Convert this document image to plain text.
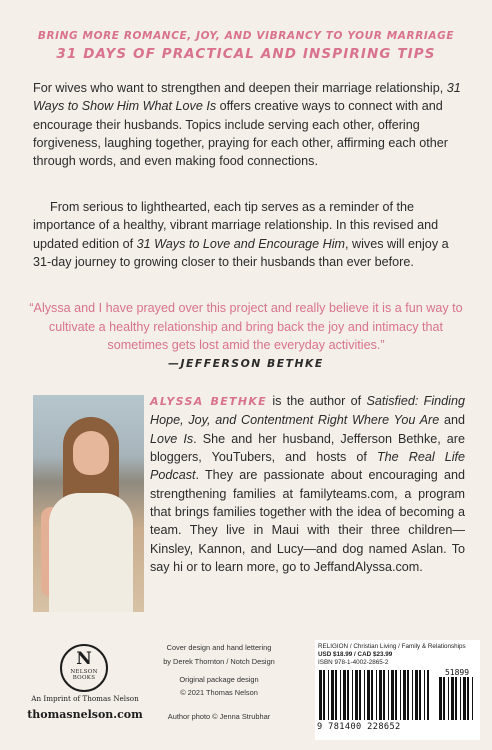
BRING MORE ROMANCE, JOY, AND VIBRANCY TO YOUR MARRIAGE
31 DAYS OF PRACTICAL AND INSPIRING TIPS
For wives who want to strengthen and deepen their marriage relationship, 31 Ways to Show Him What Love Is offers creative ways to connect with and encourage their husbands. Topics include serving each other, offering forgiveness, laughing together, praying for each other, affirming each other through words, and even making food connections.
From serious to lighthearted, each tip serves as a reminder of the importance of a healthy, vibrant marriage relationship. In this revised and updated edition of 31 Ways to Love and Encourage Him, wives will enjoy a 31-day journey to growing closer to their husbands than ever before.
“Alyssa and I have prayed over this project and really believe it is a fun way to cultivate a healthy relationship and bring back the joy and intimacy that sometimes gets lost amid the everyday activities.”
—JEFFERSON BETHKE
ALYSSA BETHKE is the author of Satisfied: Finding Hope, Joy, and Contentment Right Where You Are and Love Is. She and her husband, Jefferson Bethke, are bloggers, YouTubers, and hosts of The Real Life Podcast. They are passionate about encouraging and strengthening families at familyteams.com, a program that brings families together with the idea of becoming a team. They live in Maui with their three children—Kinsley, Kannon, and Lucy—and dog named Aslan. To say hi or to learn more, go to JeffandAlyssa.com.
N
NELSON
BOOKS
An Imprint of Thomas Nelson
thomasnelson.com
Cover design and hand lettering
by Derek Thornton / Notch Design
Original package design
© 2021 Thomas Nelson
Author photo © Jenna Strubhar
RELIGION / Christian Living / Family & Relationships
USD $18.99 / CAD $23.99
ISBN 978-1-4002-2865-2
51899
9 781400 228652
